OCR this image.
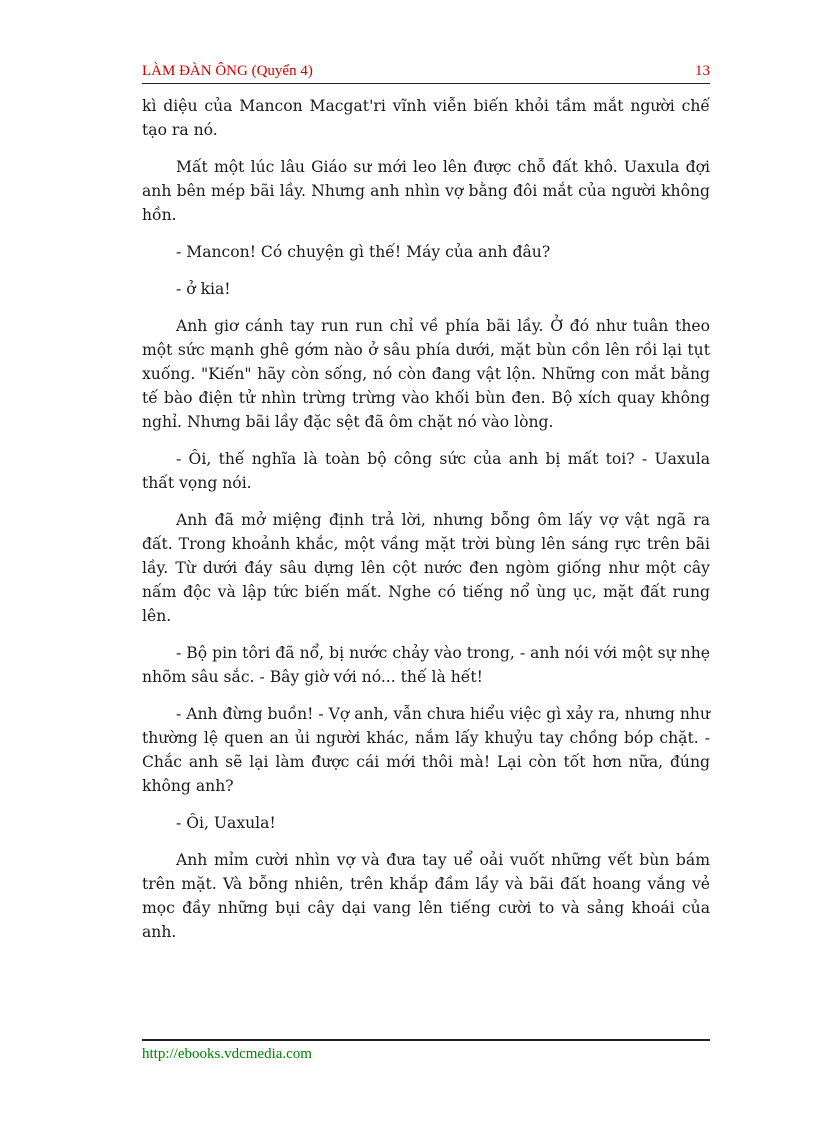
LÀM ĐÀN ÔNG (Quyển 4)	13

kì diệu của Mancon Macgat'ri vĩnh viễn biến khỏi tầm mắt người chế tạo ra nó.

Mất một lúc lâu Giáo sư mới leo lên được chỗ đất khô. Uaxula đợi anh bên mép bãi lầy. Nhưng anh nhìn vợ bằng đôi mắt của người không hồn.

- Mancon! Có chuyện gì thế! Máy của anh đâu?

- ở kia!

Anh giơ cánh tay run run chỉ về phía bãi lầy. Ở đó như tuân theo một sức mạnh ghê gớm nào ở sâu phía dưới, mặt bùn cồn lên rồi lại tụt xuống. "Kiến" hãy còn sống, nó còn đang vật lộn. Những con mắt bằng tế bào điện tử nhìn trừng trừng vào khối bùn đen. Bộ xích quay không nghỉ. Nhưng bãi lầy đặc sệt đã ôm chặt nó vào lòng.

- Ôi, thế nghĩa là toàn bộ công sức của anh bị mất toi? - Uaxula thất vọng nói.

Anh đã mở miệng định trả lời, nhưng bỗng ôm lấy vợ vật ngã ra đất. Trong khoảnh khắc, một vầng mặt trời bùng lên sáng rực trên bãi lầy. Từ dưới đáy sâu dựng lên cột nước đen ngòm giống như một cây nấm độc và lập tức biến mất. Nghe có tiếng nổ ùng ục, mặt đất rung lên.

- Bộ pin tôri đã nổ, bị nước chảy vào trong, - anh nói với một sự nhẹ nhõm sâu sắc. - Bây giờ với nó... thế là hết!

- Anh đừng buồn! - Vợ anh, vẫn chưa hiểu việc gì xảy ra, nhưng như thường lệ quen an ủi người khác, nắm lấy khuỷu tay chồng bóp chặt. - Chắc anh sẽ lại làm được cái mới thôi mà! Lại còn tốt hơn nữa, đúng không anh?

- Ôi, Uaxula!

Anh mỉm cười nhìn vợ và đưa tay uể oải vuốt những vết bùn bám trên mặt. Và bỗng nhiên, trên khắp đầm lầy và bãi đất hoang vắng vẻ mọc đầy những bụi cây dại vang lên tiếng cười to và sảng khoái của anh.

http://ebooks.vdcmedia.com
